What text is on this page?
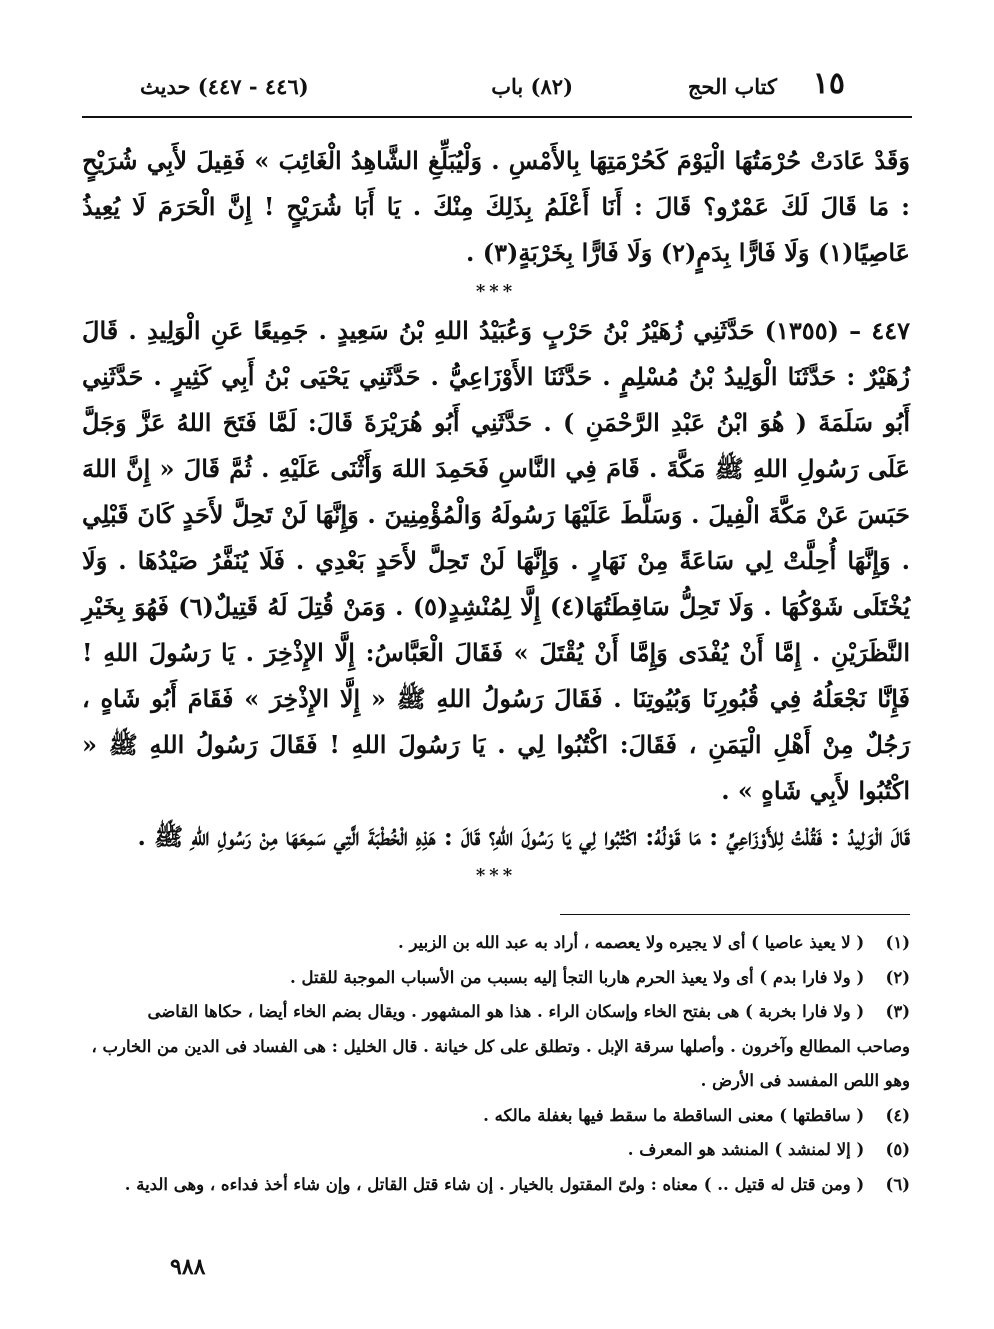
١٥
كتاب الحج
(٨٢) باب
(٤٤٦ - ٤٤٧) حديث

وَقَدْ عَادَتْ حُرْمَتُهَا الْيَوْمَ كَحُرْمَتِهَا بِالأَمْسِ . وَلْيُبَلِّغِ الشَّاهِدُ الْغَائِبَ » فَقِيلَ لأَبِي شُرَيْحٍ : مَا قَالَ لَكَ عَمْرٌو؟ قَالَ : أَنَا أَعْلَمُ بِذَلِكَ مِنْكَ . يَا أَبَا شُرَيْحٍ ! إِنَّ الْحَرَمَ لَا يُعِيذُ عَاصِيًا(١) وَلَا فَارًّا بِدَمٍ(٢) وَلَا فَارًّا بِخَرْبَةٍ(٣) .

***

٤٤٧ – (١٣٥٥) حَدَّثَنِي زُهَيْرُ بْنُ حَرْبٍ وَعُبَيْدُ اللهِ بْنُ سَعِيدٍ . جَمِيعًا عَنِ الْوَلِيدِ . قَالَ زُهَيْرٌ : حَدَّثَنَا الْوَلِيدُ بْنُ مُسْلِمٍ . حَدَّثَنَا الأَوْزَاعِيُّ . حَدَّثَنِي يَحْيَى بْنُ أَبِي كَثِيرٍ . حَدَّثَنِي أَبُو سَلَمَةَ ( هُوَ ابْنُ عَبْدِ الرَّحْمَنِ ) . حَدَّثَنِي أَبُو هُرَيْرَةَ قَالَ: لَمَّا فَتَحَ اللهُ عَزَّ وَجَلَّ عَلَى رَسُولِ اللهِ ﷺ مَكَّةَ . قَامَ فِي النَّاسِ فَحَمِدَ اللهَ وَأَثْنَى عَلَيْهِ . ثُمَّ قَالَ « إِنَّ اللهَ حَبَسَ عَنْ مَكَّةَ الْفِيلَ . وَسَلَّطَ عَلَيْهَا رَسُولَهُ وَالْمُؤْمِنِينَ . وَإِنَّهَا لَنْ تَحِلَّ لأَحَدٍ كَانَ قَبْلِي . وَإِنَّهَا أُحِلَّتْ لِي سَاعَةً مِنْ نَهَارٍ . وَإِنَّهَا لَنْ تَحِلَّ لأَحَدٍ بَعْدِي . فَلَا يُنَفَّرُ صَيْدُهَا . وَلَا يُخْتَلَى شَوْكُهَا . وَلَا تَحِلُّ سَاقِطَتُهَا(٤) إِلَّا لِمُنْشِدٍ(٥) . وَمَنْ قُتِلَ لَهُ قَتِيلٌ(٦) فَهُوَ بِخَيْرِ النَّظَرَيْنِ . إِمَّا أَنْ يُفْدَى وَإِمَّا أَنْ يُقْتَلَ » فَقَالَ الْعَبَّاسُ: إِلَّا الإِذْخِرَ . يَا رَسُولَ اللهِ ! فَإِنَّا نَجْعَلُهُ فِي قُبُورِنَا وَبُيُوتِنَا . فَقَالَ رَسُولُ اللهِ ﷺ « إِلَّا الإِذْخِرَ » فَقَامَ أَبُو شَاهٍ ، رَجُلٌ مِنْ أَهْلِ الْيَمَنِ ، فَقَالَ: اكْتُبُوا لِي . يَا رَسُولَ اللهِ ! فَقَالَ رَسُولُ اللهِ ﷺ « اكْتُبُوا لأَبِي شَاهٍ » .

قَالَ الْوَلِيدُ : فَقُلْتُ لِلأَوْزَاعِيِّ : مَا قَوْلُهُ: اكْتُبُوا لِي يَا رَسُولَ اللهِ؟ قَالَ : هَذِهِ الْخُطْبَةَ الَّتِي سَمِعَهَا مِنْ رَسُولِ اللهِ ﷺ .

***

(١) ( لا يعيذ عاصيا ) أى لا يجيره ولا يعصمه ، أراد به عبد الله بن الزبير .

(٢) ( ولا فارا بدم ) أى ولا يعيذ الحرم هاربا التجأ إليه بسبب من الأسباب الموجبة للقتل .

(٣) ( ولا فارا بخربة ) هى بفتح الخاء وإسكان الراء . هذا هو المشهور . ويقال بضم الخاء أيضا ، حكاها القاضى

وصاحب المطالع وآخرون . وأصلها سرقة الإبل . وتطلق على كل خيانة . قال الخليل : هى الفساد فى الدين من الخارب ، وهو اللص المفسد فى الأرض .

(٤) ( ساقطتها ) معنى الساقطة ما سقط فيها بغفلة مالكه .

(٥) ( إلا لمنشد ) المنشد هو المعرف .

(٦) ( ومن قتل له قتيل .. ) معناه : ولىّ المقتول بالخيار . إن شاء قتل القاتل ، وإن شاء أخذ فداءه ، وهى الدية .

٩٨٨
